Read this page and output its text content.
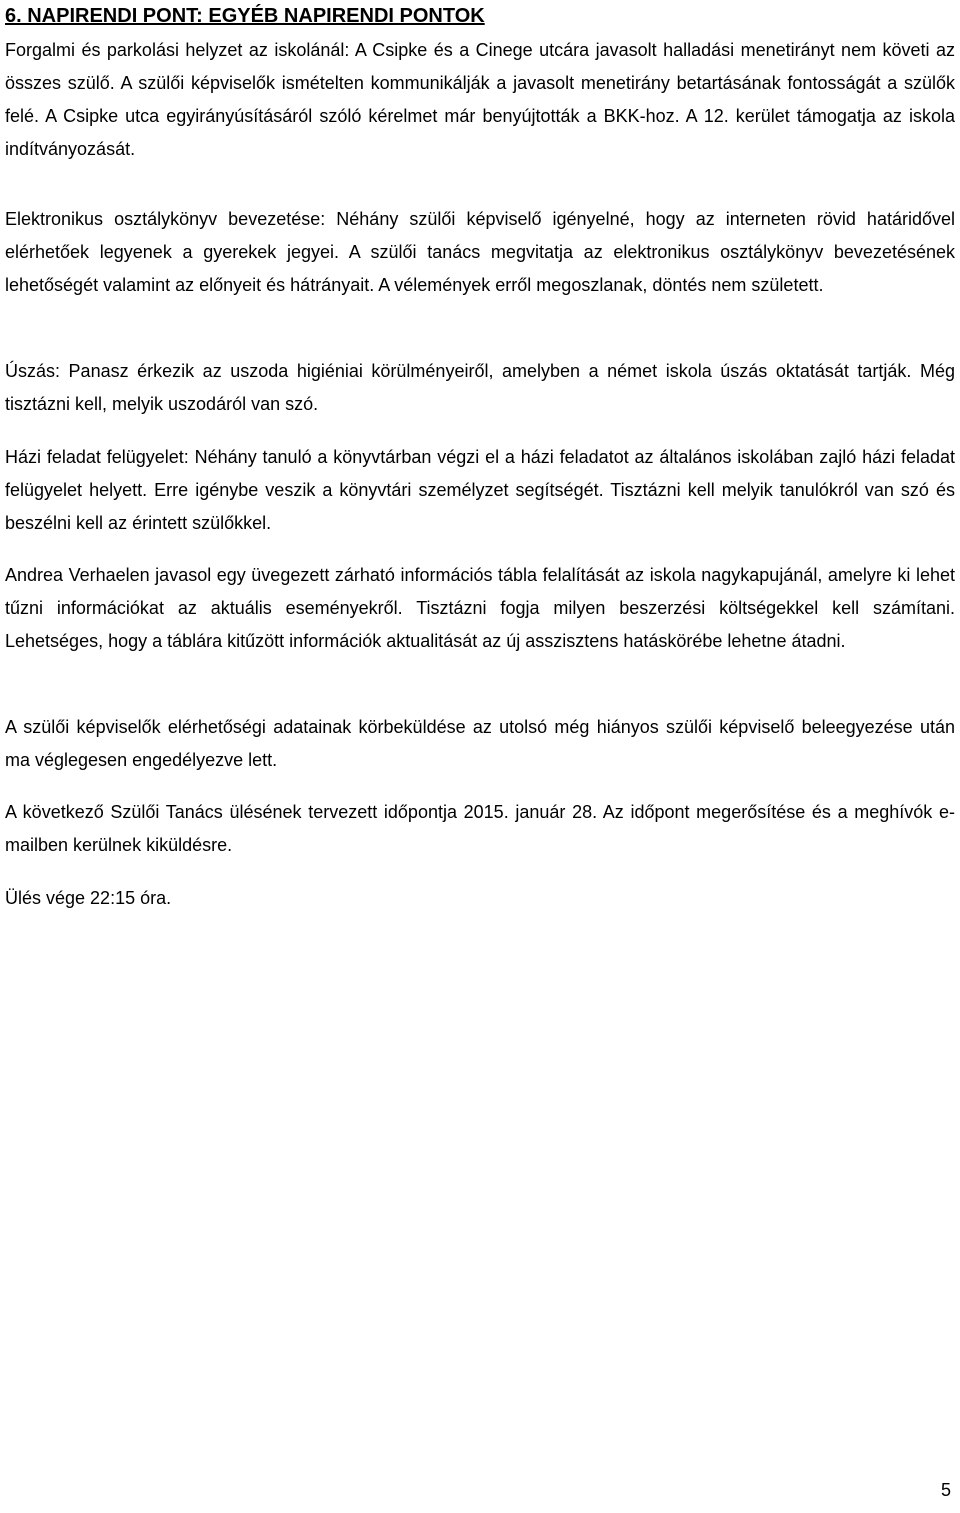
6. NAPIRENDI PONT: EGYÉB NAPIRENDI PONTOK

Forgalmi és parkolási helyzet az iskolánál: A Csipke és a Cinege utcára javasolt halladási menetirányt nem követi az összes szülő. A szülői képviselők ismételten kommunikálják a javasolt menetirány betartásának fontosságát a szülők felé. A Csipke utca egyirányúsításáról szóló kérelmet már benyújtották a BKK-hoz. A 12. kerület támogatja az iskola indítványozását.

Elektronikus osztálykönyv bevezetése: Néhány szülői képviselő igényelné, hogy az interneten rövid határidővel elérhetőek legyenek a gyerekek jegyei. A szülői tanács megvitatja az elektronikus osztálykönyv bevezetésének lehetőségét valamint az előnyeit és hátrányait. A vélemények erről megoszlanak, döntés nem született.

Úszás: Panasz érkezik az uszoda higiéniai körülményeiről, amelyben a német iskola úszás oktatását tartják. Még tisztázni kell, melyik uszodáról van szó.

Házi feladat felügyelet: Néhány tanuló a könyvtárban végzi el a házi feladatot az általános iskolában zajló házi feladat felügyelet helyett. Erre igénybe veszik a könyvtári személyzet segítségét. Tisztázni kell melyik tanulókról van szó és beszélni kell az érintett szülőkkel.

Andrea Verhaelen javasol egy üvegezett zárható információs tábla felalítását az iskola nagykapujánál, amelyre ki lehet tűzni információkat az aktuális eseményekről. Tisztázni fogja milyen beszerzési költségekkel kell számítani. Lehetséges, hogy a táblára kitűzött információk aktualitását az új asszisztens hatáskörébe lehetne átadni.

A szülői képviselők elérhetőségi adatainak körbeküldése az utolsó még hiányos szülői képviselő beleegyezése után ma véglegesen engedélyezve lett.

A következő Szülői Tanács ülésének tervezett időpontja 2015. január 28. Az időpont megerősítése és a meghívók e-mailben kerülnek kiküldésre.

Ülés vége 22:15 óra.

5
